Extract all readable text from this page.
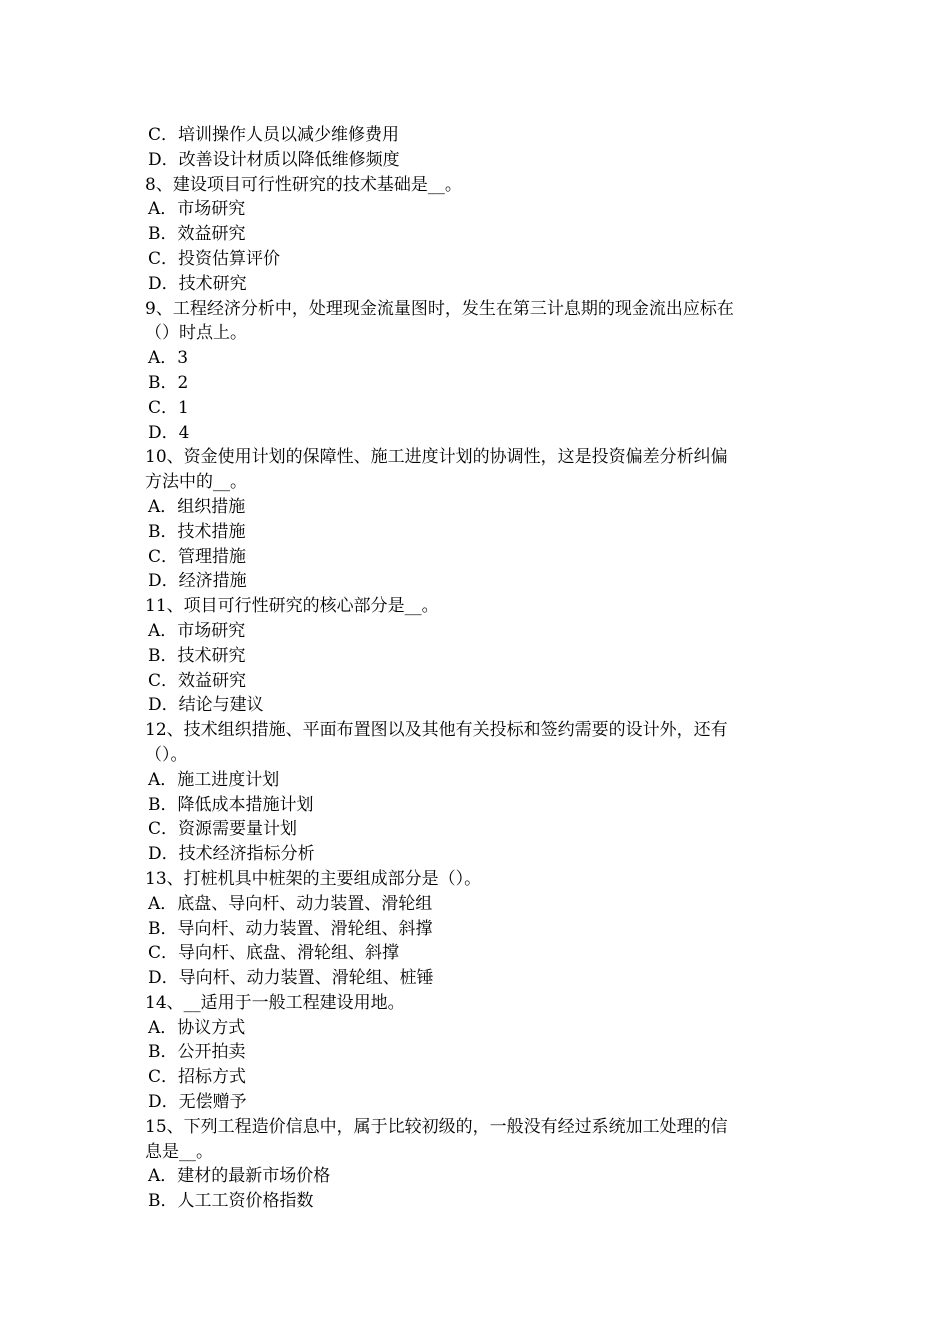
C．培训操作人员以减少维修费用
D．改善设计材质以降低维修频度
8、建设项目可行性研究的技术基础是__。
A．市场研究
B．效益研究
C．投资估算评价
D．技术研究
9、工程经济分析中，处理现金流量图时，发生在第三计息期的现金流出应标在
（）时点上。
A．3
B．2
C．1
D．4
10、资金使用计划的保障性、施工进度计划的协调性，这是投资偏差分析纠偏
方法中的__。
A．组织措施
B．技术措施
C．管理措施
D．经济措施
11、项目可行性研究的核心部分是__。
A．市场研究
B．技术研究
C．效益研究
D．结论与建议
12、技术组织措施、平面布置图以及其他有关投标和签约需要的设计外，还有
（）。
A．施工进度计划
B．降低成本措施计划
C．资源需要量计划
D．技术经济指标分析
13、打桩机具中桩架的主要组成部分是（）。
A．底盘、导向杆、动力装置、滑轮组
B．导向杆、动力装置、滑轮组、斜撑
C．导向杆、底盘、滑轮组、斜撑
D．导向杆、动力装置、滑轮组、桩锤
14、__适用于一般工程建设用地。
A．协议方式
B．公开拍卖
C．招标方式
D．无偿赠予
15、下列工程造价信息中，属于比较初级的，一般没有经过系统加工处理的信
息是__。
A．建材的最新市场价格
B．人工工资价格指数
